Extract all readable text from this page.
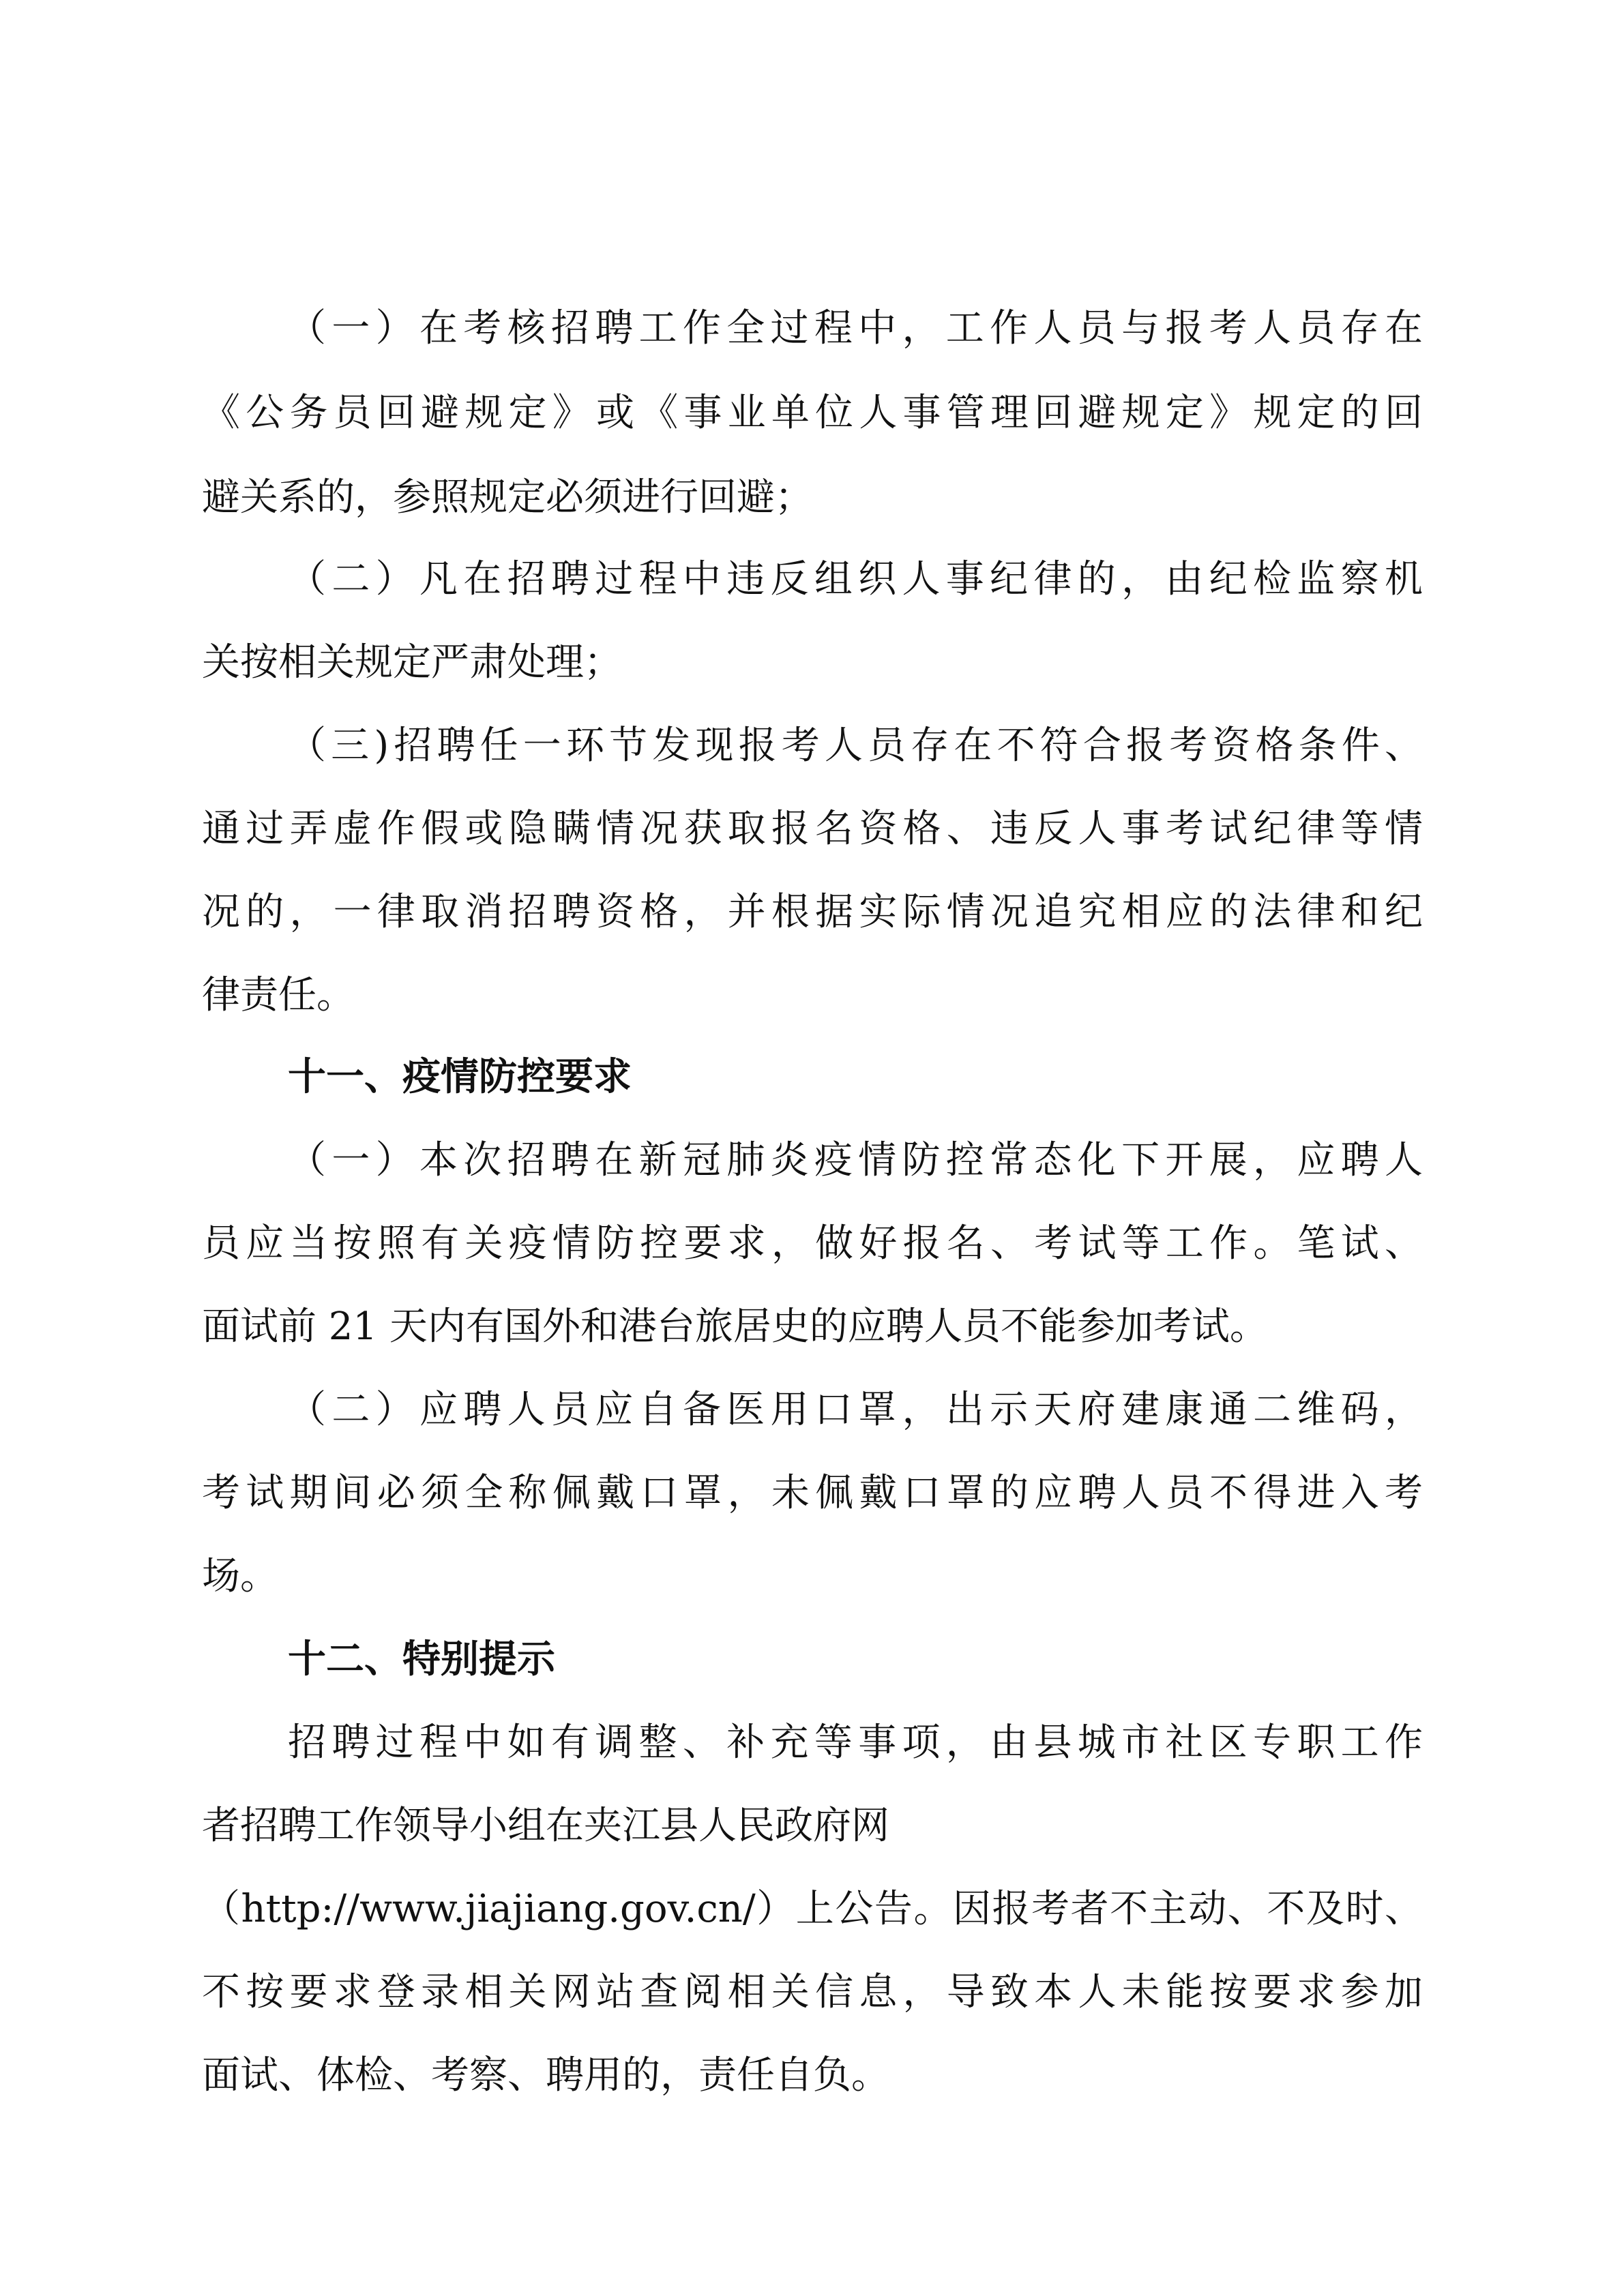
（一）在考核招聘工作全过程中，工作人员与报考人员存在

《公务员回避规定》或《事业单位人事管理回避规定》规定的回

避关系的，参照规定必须进行回避；

（二）凡在招聘过程中违反组织人事纪律的，由纪检监察机

关按相关规定严肃处理；

（三)招聘任一环节发现报考人员存在不符合报考资格条件、

通过弄虚作假或隐瞒情况获取报名资格、违反人事考试纪律等情

况的，一律取消招聘资格，并根据实际情况追究相应的法律和纪

律责任。

十一、疫情防控要求

（一）本次招聘在新冠肺炎疫情防控常态化下开展，应聘人

员应当按照有关疫情防控要求，做好报名、考试等工作。笔试、

面试前 21 天内有国外和港台旅居史的应聘人员不能参加考试。

（二）应聘人员应自备医用口罩，出示天府建康通二维码，

考试期间必须全称佩戴口罩，未佩戴口罩的应聘人员不得进入考

场。

十二、特别提示

招聘过程中如有调整、补充等事项，由县城市社区专职工作

者招聘工作领导小组在夹江县人民政府网

（http://www.jiajiang.gov.cn/）上公告。因报考者不主动、不及时、

不按要求登录相关网站查阅相关信息，导致本人未能按要求参加

面试、体检、考察、聘用的，责任自负。
